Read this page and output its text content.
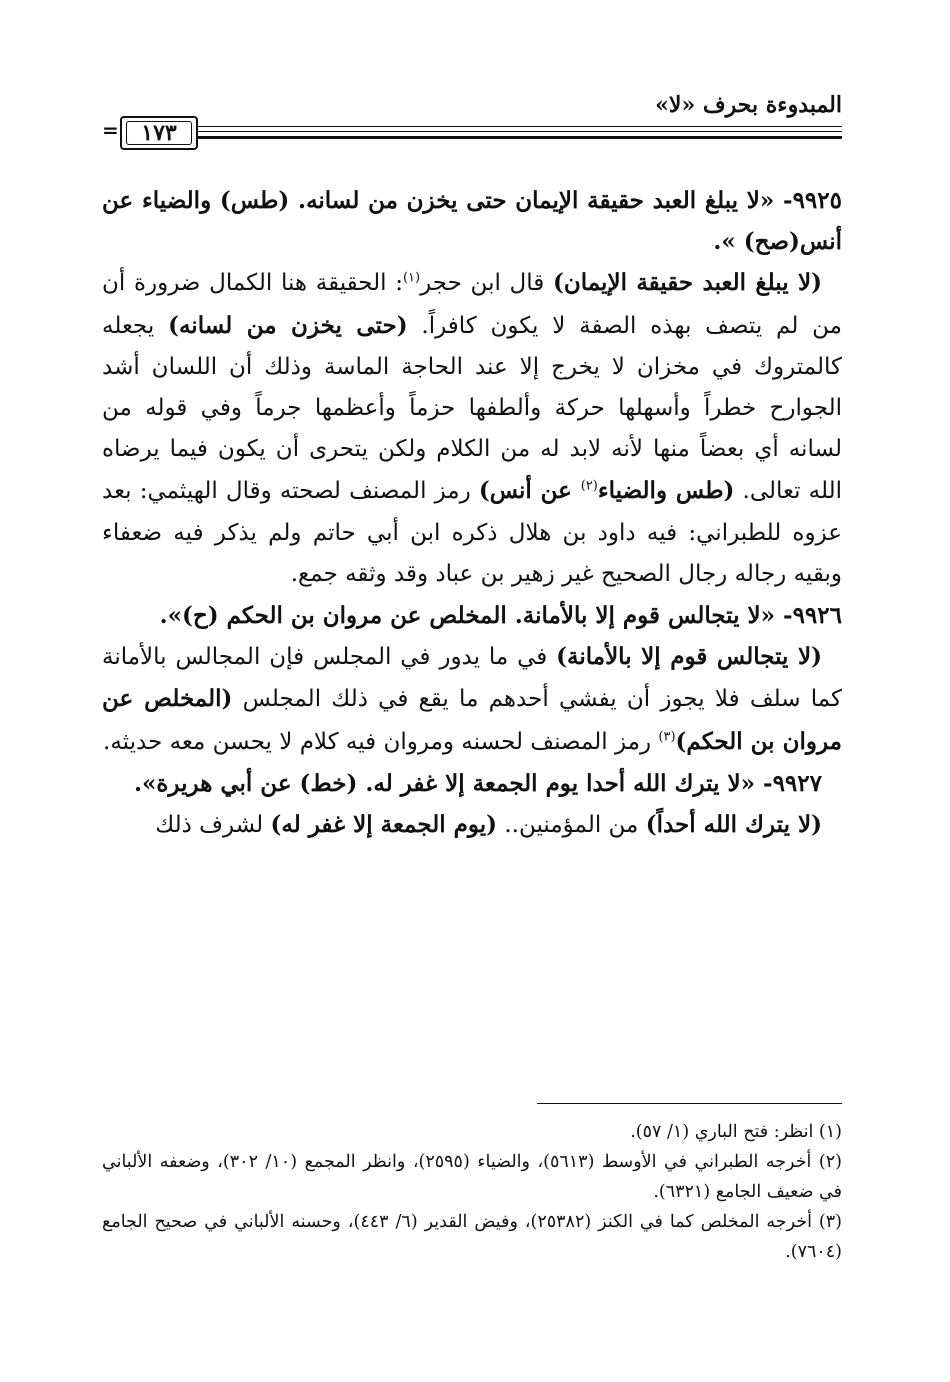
المبدوءة بحرف «لا»
=	١٧٣

٩٩٢٥- «لا يبلغ العبد حقيقة الإيمان حتى يخزن من لسانه. (طس) والضياء عن أنس(صح) ».

(لا يبلغ العبد حقيقة الإيمان) قال ابن حجر$^{(١)}$: الحقيقة هنا الكمال ضرورة أن من لم يتصف بهذه الصفة لا يكون كافراً. (حتى يخزن من لسانه) يجعله كالمتروك في مخزان لا يخرج إلا عند الحاجة الماسة وذلك أن اللسان أشد الجوارح خطراً وأسهلها حركة وألطفها حزماً وأعظمها جرماً وفي قوله من لسانه أي بعضاً منها لأنه لابد له من الكلام ولكن يتحرى أن يكون فيما يرضاه الله تعالى. (طس والضياء$^{(٢)}$ عن أنس) رمز المصنف لصحته وقال الهيثمي: بعد عزوه للطبراني: فيه داود بن هلال ذكره ابن أبي حاتم ولم يذكر فيه ضعفاء وبقيه رجاله رجال الصحيح غير زهير بن عباد وقد وثقه جمع.

٩٩٢٦- «لا يتجالس قوم إلا بالأمانة. المخلص عن مروان بن الحكم (ح)».

(لا يتجالس قوم إلا بالأمانة) في ما يدور في المجلس فإن المجالس بالأمانة كما سلف فلا يجوز أن يفشي أحدهم ما يقع في ذلك المجلس (المخلص عن مروان بن الحكم)$^{(٣)}$ رمز المصنف لحسنه ومروان فيه كلام لا يحسن معه حديثه.

٩٩٢٧- «لا يترك الله أحدا يوم الجمعة إلا غفر له. (خط) عن أبي هريرة».

(لا يترك الله أحداً) من المؤمنين.. (يوم الجمعة إلا غفر له) لشرف ذلك

(١) انظر: فتح الباري (١/ ٥٧).

(٢) أخرجه الطبراني في الأوسط (٥٦١٣)، والضياء (٢٥٩٥)، وانظر المجمع (١٠/ ٣٠٢)، وضعفه الألباني في ضعيف الجامع (٦٣٢١).

(٣) أخرجه المخلص كما في الكنز (٢٥٣٨٢)، وفيض القدير (٦/ ٤٤٣)، وحسنه الألباني في صحيح الجامع (٧٦٠٤).
